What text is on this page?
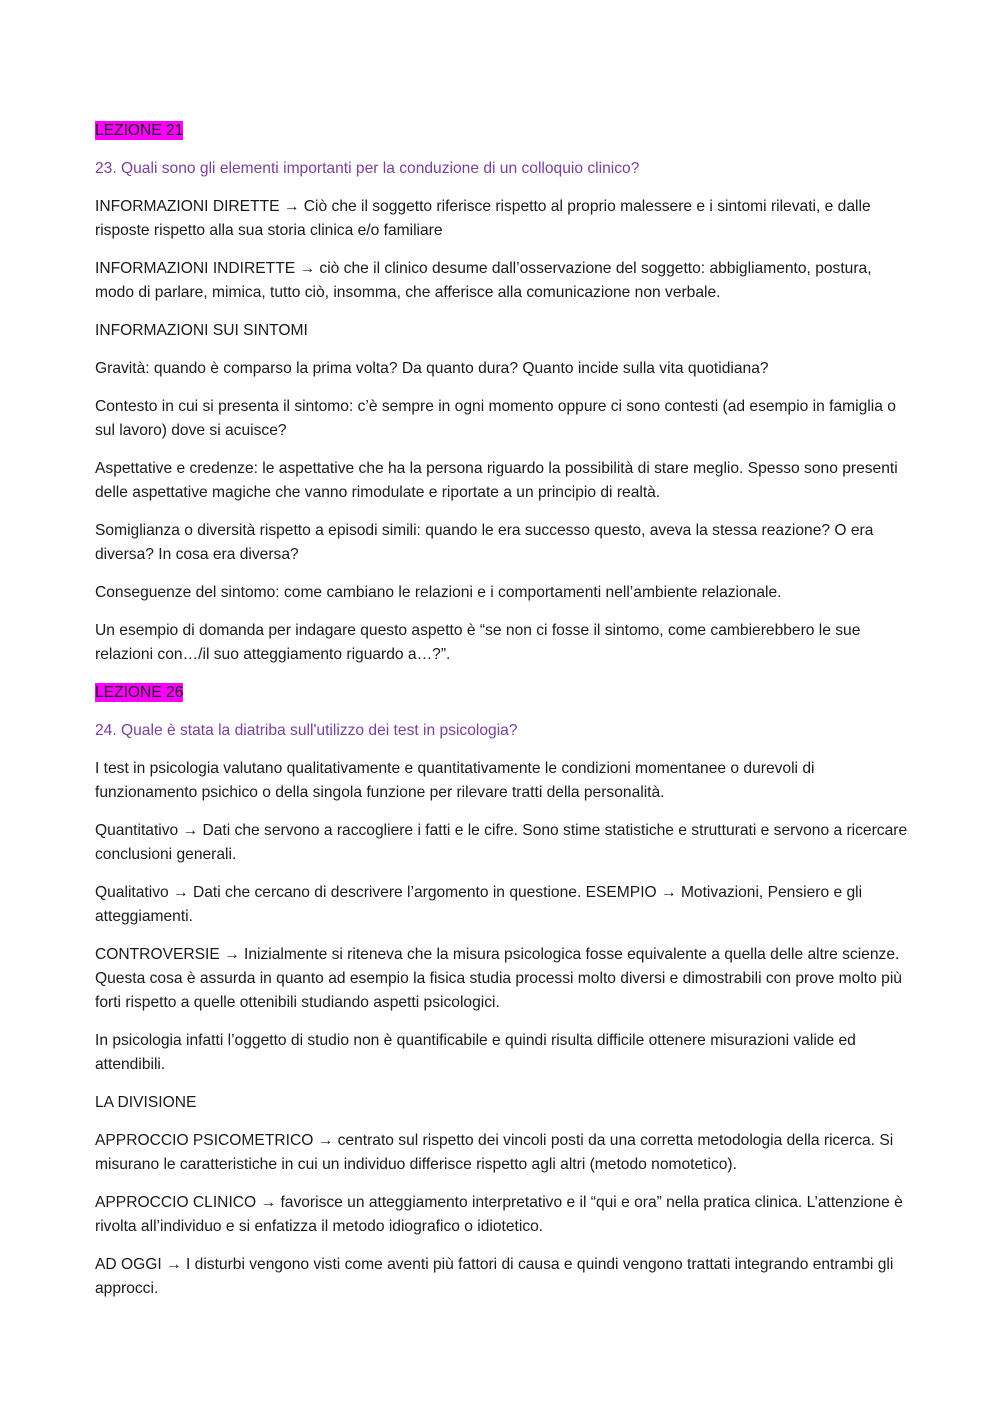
LEZIONE 21

23. Quali sono gli elementi importanti per la conduzione di un colloquio clinico?

INFORMAZIONI DIRETTE → Ciò che il soggetto riferisce rispetto al proprio malessere e i sintomi rilevati, e dalle risposte rispetto alla sua storia clinica e/o familiare

INFORMAZIONI INDIRETTE → ciò che il clinico desume dall’osservazione del soggetto: abbigliamento, postura, modo di parlare, mimica, tutto ciò, insomma, che afferisce alla comunicazione non verbale.

INFORMAZIONI SUI SINTOMI

Gravità: quando è comparso la prima volta? Da quanto dura? Quanto incide sulla vita quotidiana?

Contesto in cui si presenta il sintomo: c’è sempre in ogni momento oppure ci sono contesti (ad esempio in famiglia o sul lavoro) dove si acuisce?

Aspettative e credenze: le aspettative che ha la persona riguardo la possibilità di stare meglio. Spesso sono presenti delle aspettative magiche che vanno rimodulate e riportate a un principio di realtà.

Somiglianza o diversità rispetto a episodi simili: quando le era successo questo, aveva la stessa reazione? O era diversa? In cosa era diversa?

Conseguenze del sintomo: come cambiano le relazioni e i comportamenti nell’ambiente relazionale.

Un esempio di domanda per indagare questo aspetto è “se non ci fosse il sintomo, come cambierebbero le sue relazioni con…/il suo atteggiamento riguardo a…?”.

LEZIONE 26

24. Quale è stata la diatriba sull'utilizzo dei test in psicologia?

I test in psicologia valutano qualitativamente e quantitativamente le condizioni momentanee o durevoli di funzionamento psichico o della singola funzione per rilevare tratti della personalità.

Quantitativo → Dati che servono a raccogliere i fatti e le cifre. Sono stime statistiche e strutturati e servono a ricercare conclusioni generali.

Qualitativo → Dati che cercano di descrivere l’argomento in questione. ESEMPIO → Motivazioni, Pensiero e gli atteggiamenti.

CONTROVERSIE → Inizialmente si riteneva che la misura psicologica fosse equivalente a quella delle altre scienze. Questa cosa è assurda in quanto ad esempio la fisica studia processi molto diversi e dimostrabili con prove molto più forti rispetto a quelle ottenibili studiando aspetti psicologici.

In psicologia infatti l’oggetto di studio non è quantificabile e quindi risulta difficile ottenere misurazioni valide ed attendibili.

LA DIVISIONE

APPROCCIO PSICOMETRICO → centrato sul rispetto dei vincoli posti da una corretta metodologia della ricerca. Si misurano le caratteristiche in cui un individuo differisce rispetto agli altri (metodo nomotetico).

APPROCCIO CLINICO → favorisce un atteggiamento interpretativo e il “qui e ora” nella pratica clinica. L’attenzione è rivolta all’individuo e si enfatizza il metodo idiografico o idiotetico.

AD OGGI → I disturbi vengono visti come aventi più fattori di causa e quindi vengono trattati integrando entrambi gli approcci.
